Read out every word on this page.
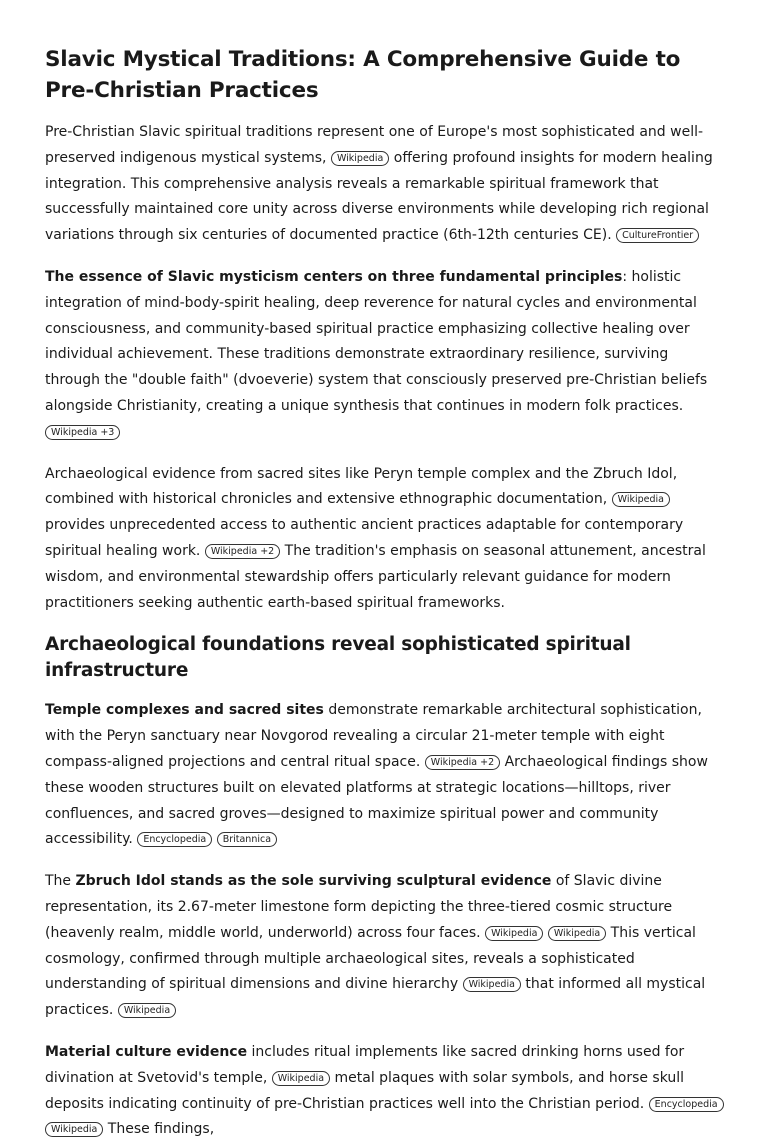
Slavic Mystical Traditions: A Comprehensive Guide to Pre-Christian Practices

Pre-Christian Slavic spiritual traditions represent one of Europe's most sophisticated and well-preserved indigenous mystical systems, Wikipedia offering profound insights for modern healing integration. This comprehensive analysis reveals a remarkable spiritual framework that successfully maintained core unity across diverse environments while developing rich regional variations through six centuries of documented practice (6th-12th centuries CE). CultureFrontier

The essence of Slavic mysticism centers on three fundamental principles: holistic integration of mind-body-spirit healing, deep reverence for natural cycles and environmental consciousness, and community-based spiritual practice emphasizing collective healing over individual achievement. These traditions demonstrate extraordinary resilience, surviving through the "double faith" (dvoeverie) system that consciously preserved pre-Christian beliefs alongside Christianity, creating a unique synthesis that continues in modern folk practices. Wikipedia +3

Archaeological evidence from sacred sites like Peryn temple complex and the Zbruch Idol, combined with historical chronicles and extensive ethnographic documentation, Wikipedia provides unprecedented access to authentic ancient practices adaptable for contemporary spiritual healing work. Wikipedia +2 The tradition's emphasis on seasonal attunement, ancestral wisdom, and environmental stewardship offers particularly relevant guidance for modern practitioners seeking authentic earth-based spiritual frameworks.

Archaeological foundations reveal sophisticated spiritual infrastructure

Temple complexes and sacred sites demonstrate remarkable architectural sophistication, with the Peryn sanctuary near Novgorod revealing a circular 21-meter temple with eight compass-aligned projections and central ritual space. Wikipedia +2 Archaeological findings show these wooden structures built on elevated platforms at strategic locations—hilltops, river confluences, and sacred groves—designed to maximize spiritual power and community accessibility. Encyclopedia Britannica

The Zbruch Idol stands as the sole surviving sculptural evidence of Slavic divine representation, its 2.67-meter limestone form depicting the three-tiered cosmic structure (heavenly realm, middle world, underworld) across four faces. Wikipedia Wikipedia This vertical cosmology, confirmed through multiple archaeological sites, reveals a sophisticated understanding of spiritual dimensions and divine hierarchy Wikipedia that informed all mystical practices. Wikipedia

Material culture evidence includes ritual implements like sacred drinking horns used for divination at Svetovid's temple, Wikipedia metal plaques with solar symbols, and horse skull deposits indicating continuity of pre-Christian practices well into the Christian period. Encyclopedia Wikipedia These findings,
